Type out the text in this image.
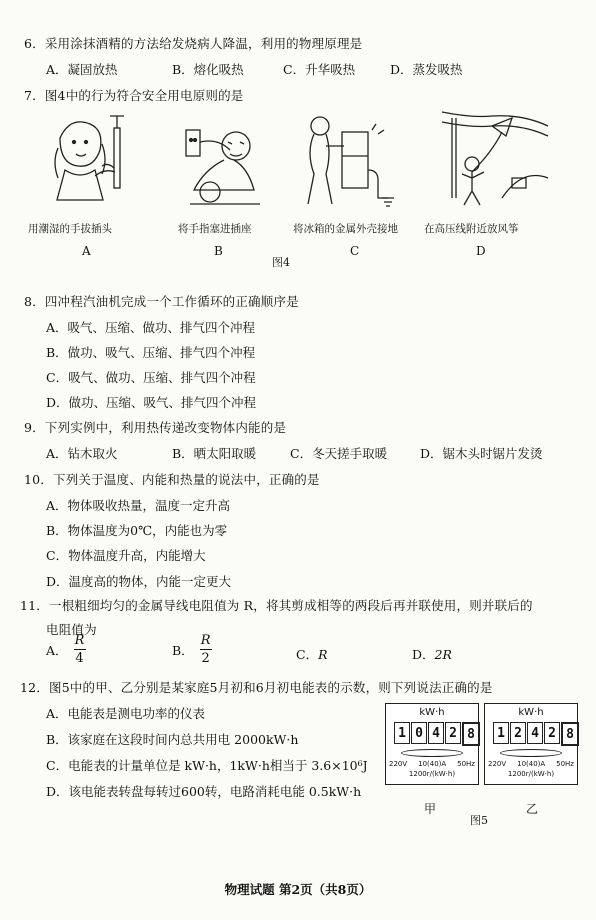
6．采用涂抹酒精的方法给发烧病人降温，利用的物理原理是
A．凝固放热	B．熔化吸热	C．升华吸热	D．蒸发吸热
7．图4中的行为符合安全用电原则的是
用潮湿的手拔插头	将手指塞进插座	将冰箱的金属外壳接地 在高压线附近放风筝
A	B	C	D
图4
8．四冲程汽油机完成一个工作循环的正确顺序是
A．吸气、压缩、做功、排气四个冲程
B．做功、吸气、压缩、排气四个冲程
C．吸气、做功、压缩、排气四个冲程
D．做功、压缩、吸气、排气四个冲程
9．下列实例中，利用热传递改变物体内能的是
A．钻木取火	B．晒太阳取暖	C．冬天搓手取暖	D．锯木头时锯片发烫
10．下列关于温度、内能和热量的说法中，正确的是
A．物体吸收热量，温度一定升高
B．物体温度为0℃，内能也为零
C．物体温度升高，内能增大
D．温度高的物体，内能一定更大
11．一根粗细均匀的金属导线电阻值为 R，将其剪成相等的两段后再并联使用，则并联后的
电阻值为
A． $\frac{R}{4}$	B． $\frac{R}{2}$	C．R	D．2R
12．图5中的甲、乙分别是某家庭5月初和6月初电能表的示数，则下列说法正确的是
A．电能表是测电功率的仪表
B．该家庭在这段时间内总共用电 2000kW·h
C．电能表的计量单位是 kW·h，1kW·h相当于 3.6×10⁶J
D．该电能表转盘每转过600转，电路消耗电能 0.5kW·h
kW·h
1 0 4 2 8
220V 10(40)A 50Hz
1200r/(kW·h)
kW·h
1 2 4 2 8
220V 10(40)A 50Hz
1200r/(kW·h)
甲	乙
图5
物理试题 第2页（共8页）
